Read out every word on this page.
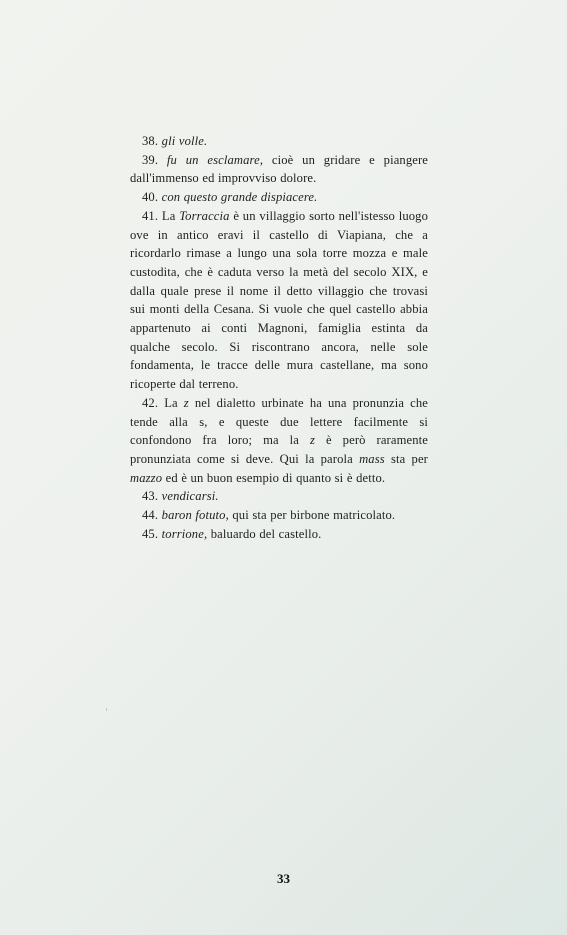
38. gli volle.

39. fu un esclamare, cioè un gridare e piangere dall'immenso ed improvviso dolore.

40. con questo grande dispiacere.

41. La Torraccia è un villaggio sorto nell'istesso luogo ove in antico eravi il castello di Viapiana, che a ricordarlo rimase a lungo una sola torre mozza e male custodita, che è caduta verso la metà del secolo XIX, e dalla quale prese il nome il detto villaggio che trovasi sui monti della Cesana. Si vuole che quel castello abbia appartenuto ai conti Magnoni, famiglia estinta da qualche secolo. Si riscontrano ancora, nelle sole fondamenta, le tracce delle mura castellane, ma sono ricoperte dal terreno.

42. La z nel dialetto urbinate ha una pronunzia che tende alla s, e queste due lettere facilmente si confondono fra loro; ma la z è però raramente pronunziata come si deve. Qui la parola mass sta per mazzo ed è un buon esempio di quanto si è detto.

43. vendicarsi.

44. baron fotuto, qui sta per birbone matricolato.

45. torrione, baluardo del castello.

33
